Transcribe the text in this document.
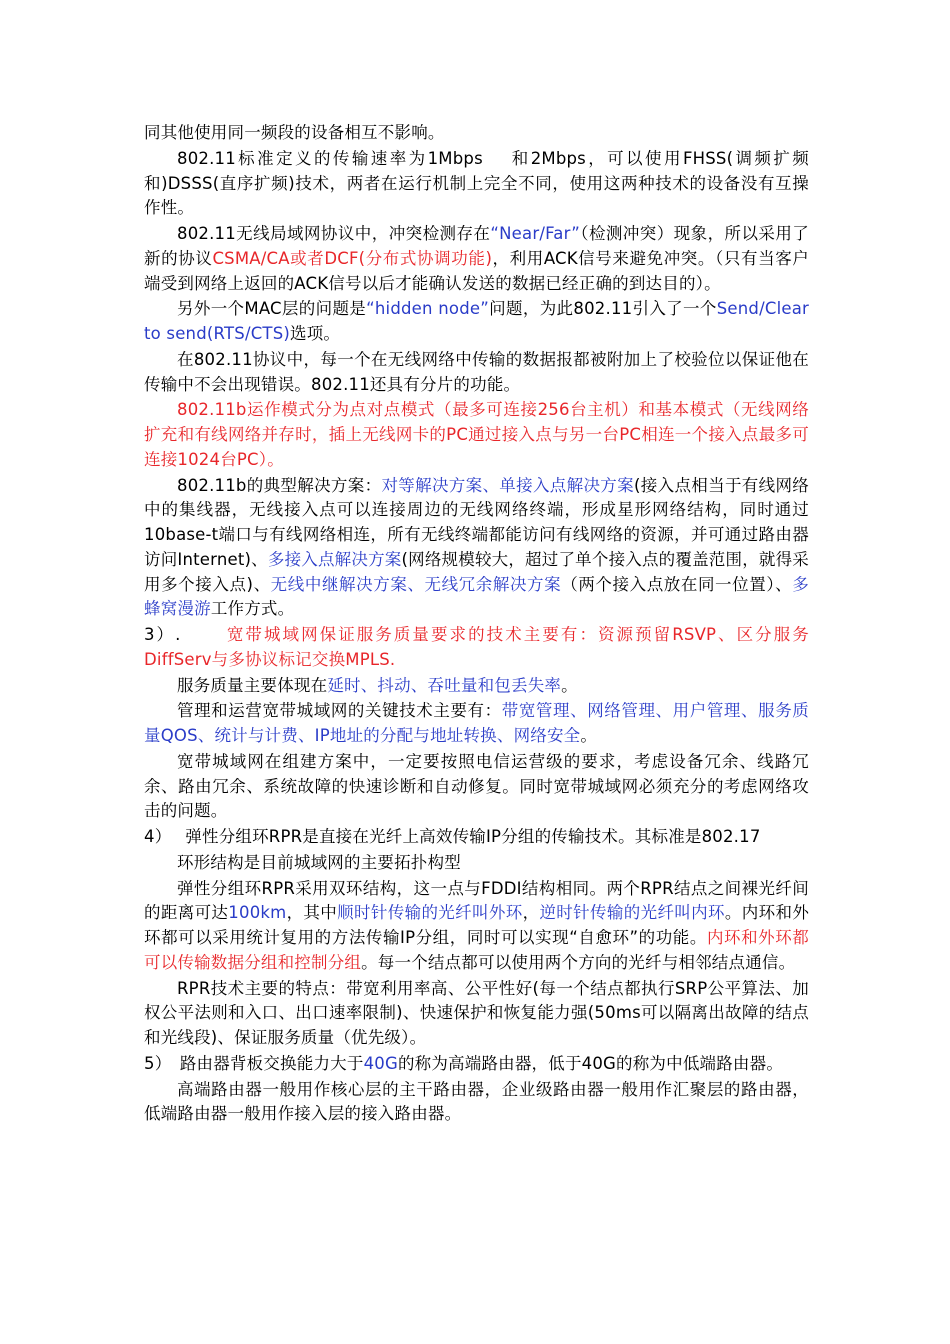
同其他使用同一频段的设备相互不影响。

802.11标准定义的传输速率为1Mbps　 和2Mbps，可以使用FHSS(调频扩频和)DSSS(直序扩频)技术，两者在运行机制上完全不同，使用这两种技术的设备没有互操作性。

802.11无线局域网协议中，冲突检测存在“Near/Far”（检测冲突）现象，所以采用了新的协议CSMA/CA或者DCF(分布式协调功能)，利用ACK信号来避免冲突。（只有当客户端受到网络上返回的ACK信号以后才能确认发送的数据已经正确的到达目的）。

另外一个MAC层的问题是“hidden node”问题，为此802.11引入了一个Send/Clear to send(RTS/CTS)选项。

在802.11协议中，每一个在无线网络中传输的数据报都被附加上了校验位以保证他在传输中不会出现错误。802.11还具有分片的功能。

802.11b运作模式分为点对点模式（最多可连接256台主机）和基本模式（无线网络扩充和有线网络并存时，插上无线网卡的PC通过接入点与另一台PC相连一个接入点最多可连接1024台PC）。

802.11b的典型解决方案：对等解决方案、单接入点解决方案(接入点相当于有线网络中的集线器，无线接入点可以连接周边的无线网络终端，形成星形网络结构，同时通过10base-t端口与有线网络相连，所有无线终端都能访问有线网络的资源，并可通过路由器访问Internet)、多接入点解决方案(网络规模较大，超过了单个接入点的覆盖范围，就得采用多个接入点)、无线中继解决方案、无线冗余解决方案（两个接入点放在同一位置）、多蜂窝漫游工作方式。

3）.　　 宽带城域网保证服务质量要求的技术主要有：资源预留RSVP、区分服务DiffServ与多协议标记交换MPLS.

服务质量主要体现在延时、抖动、吞吐量和包丢失率。

管理和运营宽带城域网的关键技术主要有：带宽管理、网络管理、用户管理、服务质量QOS、统计与计费、IP地址的分配与地址转换、网络安全。

宽带城域网在组建方案中，一定要按照电信运营级的要求，考虑设备冗余、线路冗余、路由冗余、系统故障的快速诊断和自动修复。同时宽带城域网必须充分的考虑网络攻击的问题。

4）　 弹性分组环RPR是直接在光纤上高效传输IP分组的传输技术。其标准是802.17

环形结构是目前城域网的主要拓扑构型

弹性分组环RPR采用双环结构，这一点与FDDI结构相同。两个RPR结点之间裸光纤间的距离可达100km，其中顺时针传输的光纤叫外环，逆时针传输的光纤叫内环。内环和外环都可以采用统计复用的方法传输IP分组，同时可以实现“自愈环”的功能。内环和外环都可以传输数据分组和控制分组。每一个结点都可以使用两个方向的光纤与相邻结点通信。

RPR技术主要的特点：带宽利用率高、公平性好(每一个结点都执行SRP公平算法、加权公平法则和入口、出口速率限制)、快速保护和恢复能力强(50ms可以隔离出故障的结点和光线段)、保证服务质量（优先级）。

5）　路由器背板交换能力大于40G的称为高端路由器，低于40G的称为中低端路由器。

高端路由器一般用作核心层的主干路由器，企业级路由器一般用作汇聚层的路由器，低端路由器一般用作接入层的接入路由器。
